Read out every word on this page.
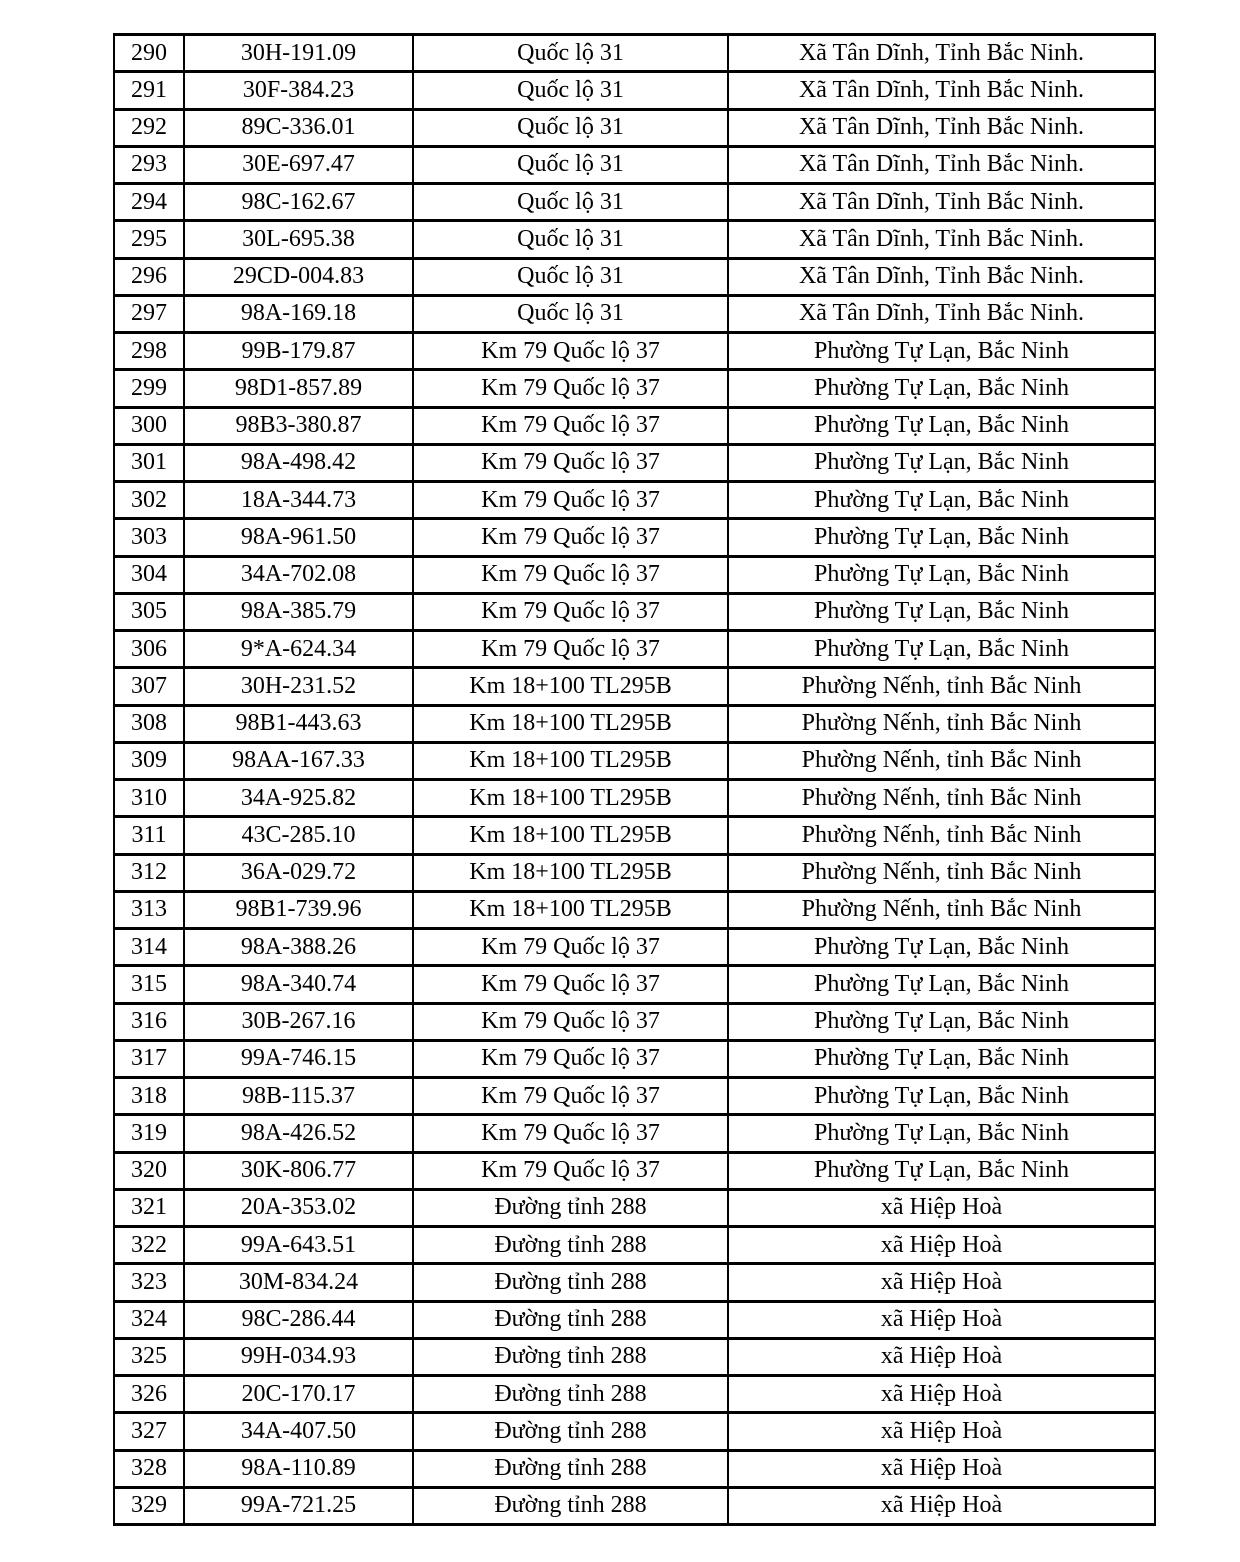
290	30H-191.09	Quốc lộ 31	Xã Tân Dĩnh, Tỉnh Bắc Ninh.
291	30F-384.23	Quốc lộ 31	Xã Tân Dĩnh, Tỉnh Bắc Ninh.
292	89C-336.01	Quốc lộ 31	Xã Tân Dĩnh, Tỉnh Bắc Ninh.
293	30E-697.47	Quốc lộ 31	Xã Tân Dĩnh, Tỉnh Bắc Ninh.
294	98C-162.67	Quốc lộ 31	Xã Tân Dĩnh, Tỉnh Bắc Ninh.
295	30L-695.38	Quốc lộ 31	Xã Tân Dĩnh, Tỉnh Bắc Ninh.
296	29CD-004.83	Quốc lộ 31	Xã Tân Dĩnh, Tỉnh Bắc Ninh.
297	98A-169.18	Quốc lộ 31	Xã Tân Dĩnh, Tỉnh Bắc Ninh.
298	99B-179.87	Km 79 Quốc lộ 37	Phường Tự Lạn, Bắc Ninh
299	98D1-857.89	Km 79 Quốc lộ 37	Phường Tự Lạn, Bắc Ninh
300	98B3-380.87	Km 79 Quốc lộ 37	Phường Tự Lạn, Bắc Ninh
301	98A-498.42	Km 79 Quốc lộ 37	Phường Tự Lạn, Bắc Ninh
302	18A-344.73	Km 79 Quốc lộ 37	Phường Tự Lạn, Bắc Ninh
303	98A-961.50	Km 79 Quốc lộ 37	Phường Tự Lạn, Bắc Ninh
304	34A-702.08	Km 79 Quốc lộ 37	Phường Tự Lạn, Bắc Ninh
305	98A-385.79	Km 79 Quốc lộ 37	Phường Tự Lạn, Bắc Ninh
306	9*A-624.34	Km 79 Quốc lộ 37	Phường Tự Lạn, Bắc Ninh
307	30H-231.52	Km 18+100 TL295B	Phường Nếnh, tỉnh Bắc Ninh
308	98B1-443.63	Km 18+100 TL295B	Phường Nếnh, tỉnh Bắc Ninh
309	98AA-167.33	Km 18+100 TL295B	Phường Nếnh, tỉnh Bắc Ninh
310	34A-925.82	Km 18+100 TL295B	Phường Nếnh, tỉnh Bắc Ninh
311	43C-285.10	Km 18+100 TL295B	Phường Nếnh, tỉnh Bắc Ninh
312	36A-029.72	Km 18+100 TL295B	Phường Nếnh, tỉnh Bắc Ninh
313	98B1-739.96	Km 18+100 TL295B	Phường Nếnh, tỉnh Bắc Ninh
314	98A-388.26	Km 79 Quốc lộ 37	Phường Tự Lạn, Bắc Ninh
315	98A-340.74	Km 79 Quốc lộ 37	Phường Tự Lạn, Bắc Ninh
316	30B-267.16	Km 79 Quốc lộ 37	Phường Tự Lạn, Bắc Ninh
317	99A-746.15	Km 79 Quốc lộ 37	Phường Tự Lạn, Bắc Ninh
318	98B-115.37	Km 79 Quốc lộ 37	Phường Tự Lạn, Bắc Ninh
319	98A-426.52	Km 79 Quốc lộ 37	Phường Tự Lạn, Bắc Ninh
320	30K-806.77	Km 79 Quốc lộ 37	Phường Tự Lạn, Bắc Ninh
321	20A-353.02	Đường tỉnh 288	xã Hiệp Hoà
322	99A-643.51	Đường tỉnh 288	xã Hiệp Hoà
323	30M-834.24	Đường tỉnh 288	xã Hiệp Hoà
324	98C-286.44	Đường tỉnh 288	xã Hiệp Hoà
325	99H-034.93	Đường tỉnh 288	xã Hiệp Hoà
326	20C-170.17	Đường tỉnh 288	xã Hiệp Hoà
327	34A-407.50	Đường tỉnh 288	xã Hiệp Hoà
328	98A-110.89	Đường tỉnh 288	xã Hiệp Hoà
329	99A-721.25	Đường tỉnh 288	xã Hiệp Hoà
